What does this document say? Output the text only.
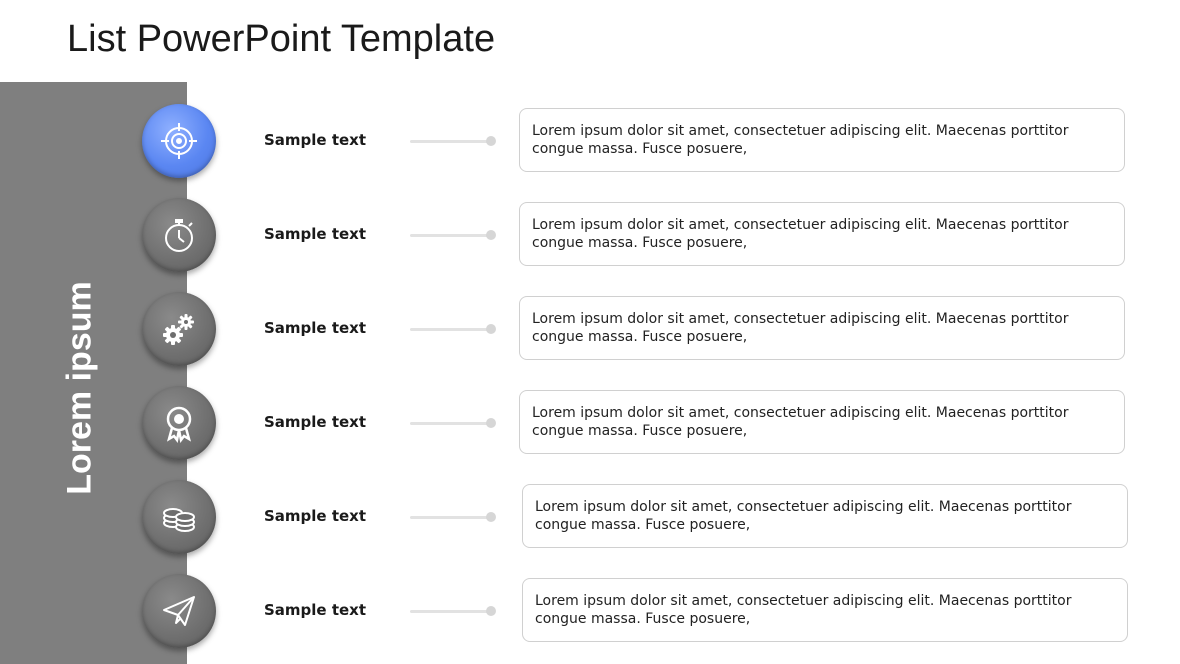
List PowerPoint Template
Lorem ipsum
Sample text	Lorem ipsum dolor sit amet, consectetuer adipiscing elit. Maecenas porttitor congue massa. Fusce posuere,
Sample text	Lorem ipsum dolor sit amet, consectetuer adipiscing elit. Maecenas porttitor congue massa. Fusce posuere,
Sample text	Lorem ipsum dolor sit amet, consectetuer adipiscing elit. Maecenas porttitor congue massa. Fusce posuere,
Sample text	Lorem ipsum dolor sit amet, consectetuer adipiscing elit. Maecenas porttitor congue massa. Fusce posuere,
Sample text	Lorem ipsum dolor sit amet, consectetuer adipiscing elit. Maecenas porttitor congue massa. Fusce posuere,
Sample text	Lorem ipsum dolor sit amet, consectetuer adipiscing elit. Maecenas porttitor congue massa. Fusce posuere,
